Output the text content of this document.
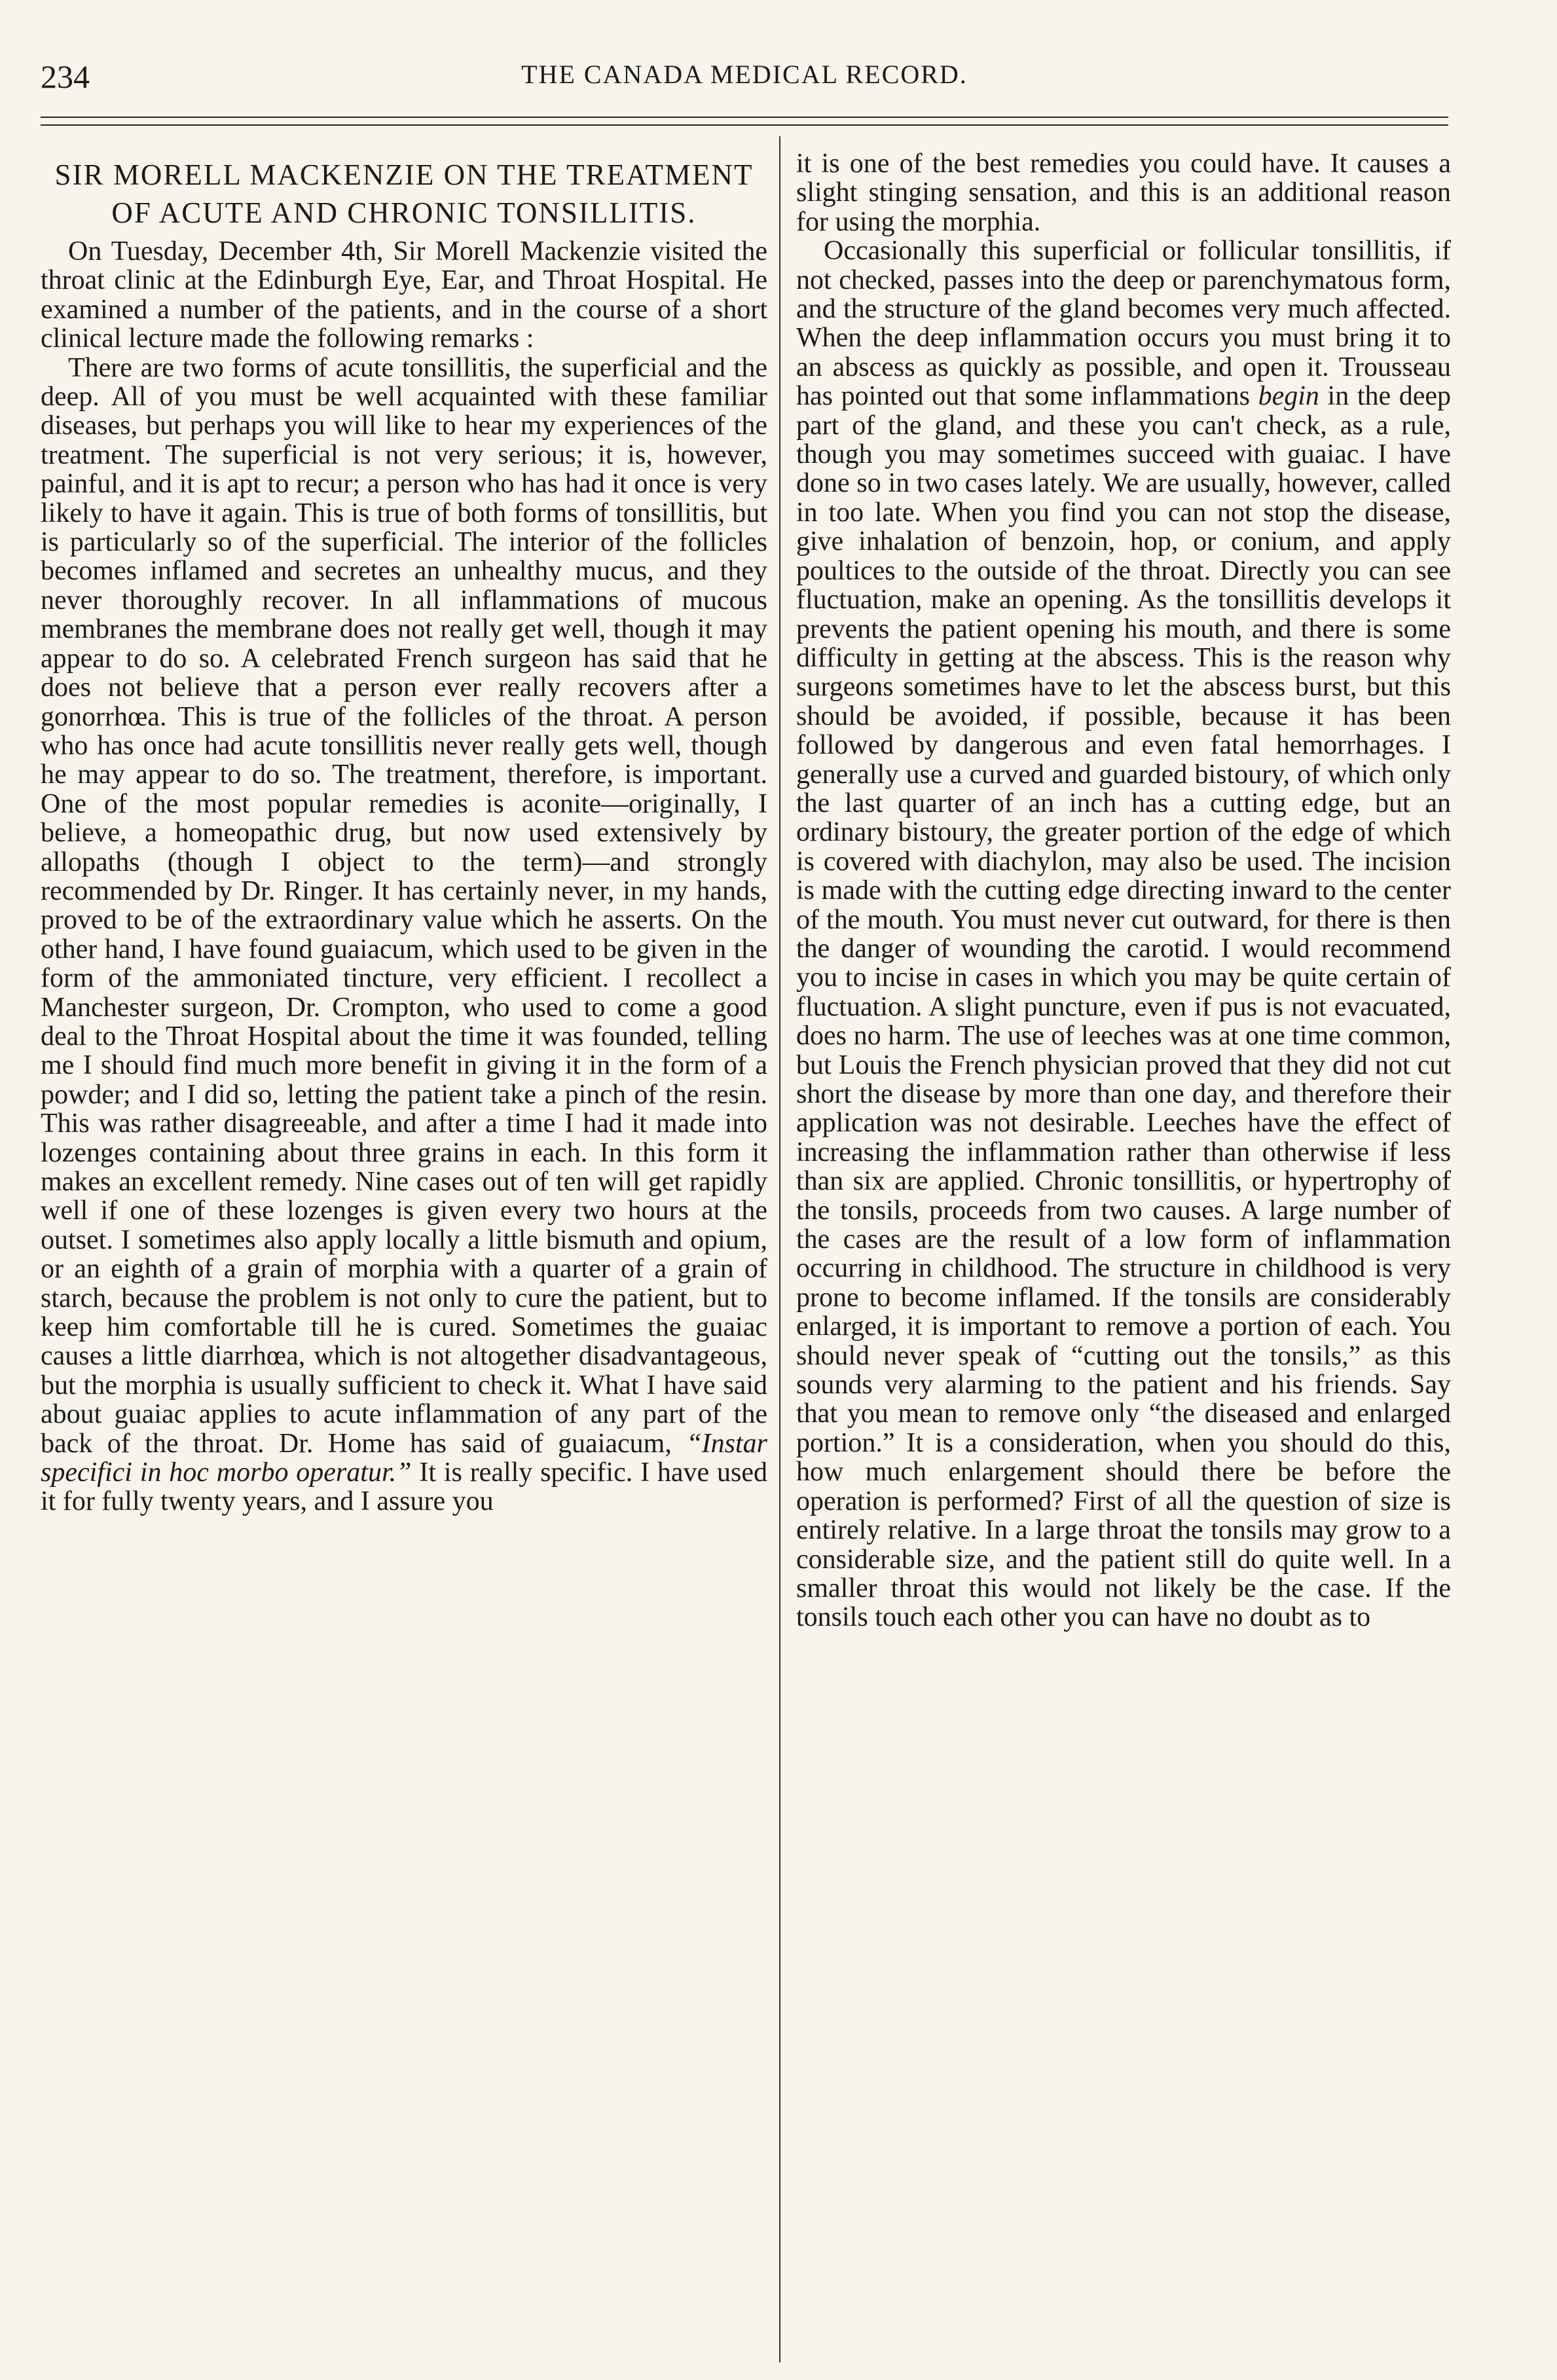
234	THE CANADA MEDICAL RECORD.
SIR MORELL MACKENZIE ON THE TREATMENT OF ACUTE AND CHRONIC TONSILLITIS.

On Tuesday, December 4th, Sir Morell Mackenzie visited the throat clinic at the Edinburgh Eye, Ear, and Throat Hospital. He examined a number of the patients, and in the course of a short clinical lecture made the following remarks :

There are two forms of acute tonsillitis, the superficial and the deep. All of you must be well acquainted with these familiar diseases, but perhaps you will like to hear my experiences of the treatment. The superficial is not very serious; it is, however, painful, and it is apt to recur; a person who has had it once is very likely to have it again. This is true of both forms of tonsillitis, but is particularly so of the superficial. The interior of the follicles becomes inflamed and secretes an unhealthy mucus, and they never thoroughly recover. In all inflammations of mucous membranes the membrane does not really get well, though it may appear to do so. A celebrated French surgeon has said that he does not believe that a person ever really recovers after a gonorrhœa. This is true of the follicles of the throat. A person who has once had acute tonsillitis never really gets well, though he may appear to do so. The treatment, therefore, is important. One of the most popular remedies is aconite—originally, I believe, a homeopathic drug, but now used extensively by allopaths (though I object to the term)—and strongly recommended by Dr. Ringer. It has certainly never, in my hands, proved to be of the extraordinary value which he asserts. On the other hand, I have found guaiacum, which used to be given in the form of the ammoniated tincture, very efficient. I recollect a Manchester surgeon, Dr. Crompton, who used to come a good deal to the Throat Hospital about the time it was founded, telling me I should find much more benefit in giving it in the form of a powder; and I did so, letting the patient take a pinch of the resin. This was rather disagreeable, and after a time I had it made into lozenges containing about three grains in each. In this form it makes an excellent remedy. Nine cases out of ten will get rapidly well if one of these lozenges is given every two hours at the outset. I sometimes also apply locally a little bismuth and opium, or an eighth of a grain of morphia with a quarter of a grain of starch, because the problem is not only to cure the patient, but to keep him comfortable till he is cured. Sometimes the guaiac causes a little diarrhœa, which is not altogether disadvantageous, but the morphia is usually sufficient to check it. What I have said about guaiac applies to acute inflammation of any part of the back of the throat. Dr. Home has said of guaiacum, “Instar specifici in hoc morbo operatur.” It is really specific. I have used it for fully twenty years, and I assure you

it is one of the best remedies you could have. It causes a slight stinging sensation, and this is an additional reason for using the morphia.

Occasionally this superficial or follicular tonsillitis, if not checked, passes into the deep or parenchymatous form, and the structure of the gland becomes very much affected. When the deep inflammation occurs you must bring it to an abscess as quickly as possible, and open it. Trousseau has pointed out that some inflammations begin in the deep part of the gland, and these you can't check, as a rule, though you may sometimes succeed with guaiac. I have done so in two cases lately. We are usually, however, called in too late. When you find you can not stop the disease, give inhalation of benzoin, hop, or conium, and apply poultices to the outside of the throat. Directly you can see fluctuation, make an opening. As the tonsillitis develops it prevents the patient opening his mouth, and there is some difficulty in getting at the abscess. This is the reason why surgeons sometimes have to let the abscess burst, but this should be avoided, if possible, because it has been followed by dangerous and even fatal hemorrhages. I generally use a curved and guarded bistoury, of which only the last quarter of an inch has a cutting edge, but an ordinary bistoury, the greater portion of the edge of which is covered with diachylon, may also be used. The incision is made with the cutting edge directing inward to the center of the mouth. You must never cut outward, for there is then the danger of wounding the carotid. I would recommend you to incise in cases in which you may be quite certain of fluctuation. A slight puncture, even if pus is not evacuated, does no harm. The use of leeches was at one time common, but Louis the French physician proved that they did not cut short the disease by more than one day, and therefore their application was not desirable. Leeches have the effect of increasing the inflammation rather than otherwise if less than six are applied. Chronic tonsillitis, or hypertrophy of the tonsils, proceeds from two causes. A large number of the cases are the result of a low form of inflammation occurring in childhood. The structure in childhood is very prone to become inflamed. If the tonsils are considerably enlarged, it is important to remove a portion of each. You should never speak of “cutting out the tonsils,” as this sounds very alarming to the patient and his friends. Say that you mean to remove only “the diseased and enlarged portion.” It is a consideration, when you should do this, how much enlargement should there be before the operation is performed? First of all the question of size is entirely relative. In a large throat the tonsils may grow to a considerable size, and the patient still do quite well. In a smaller throat this would not likely be the case. If the tonsils touch each other you can have no doubt as to
